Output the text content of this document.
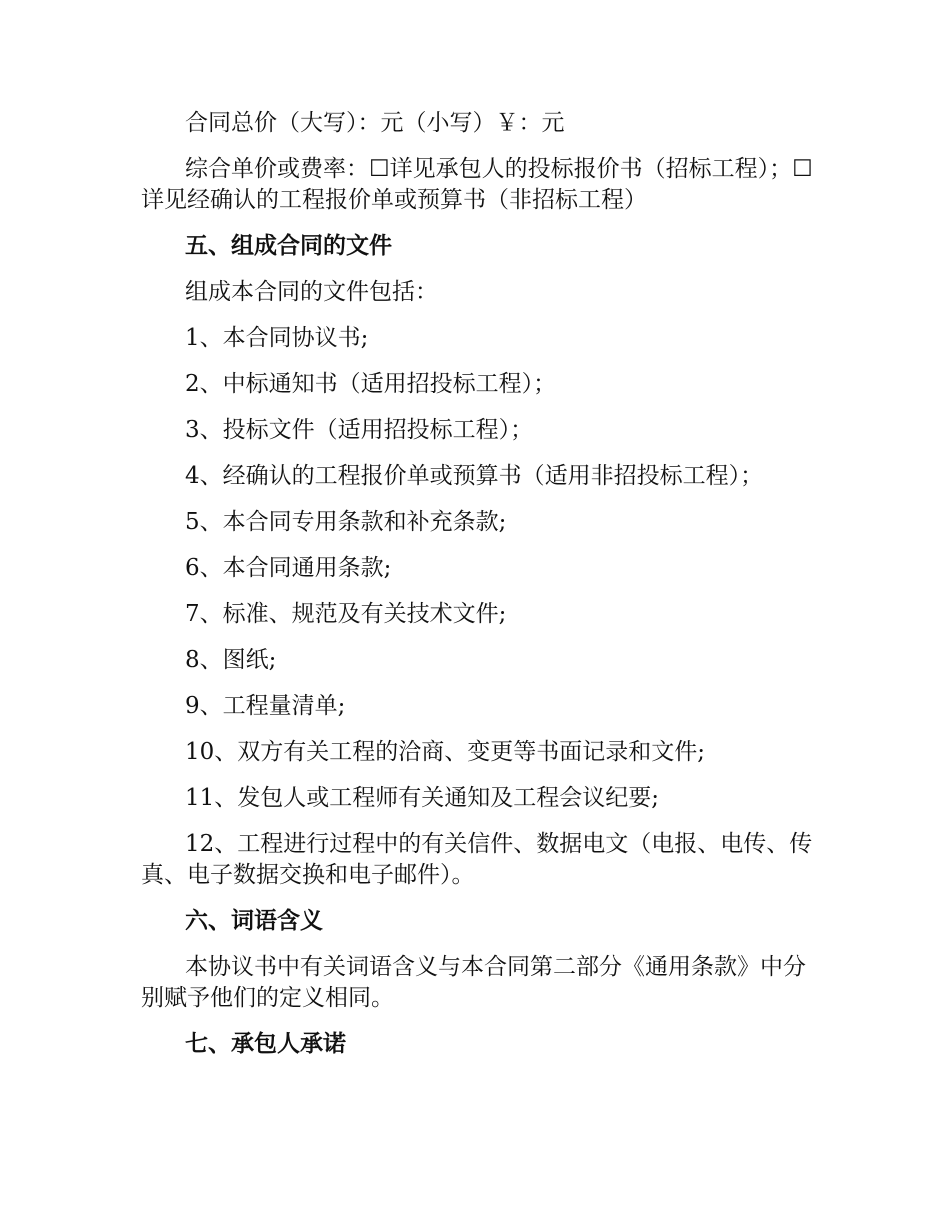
合同总价（大写）：元（小写）￥：元

综合单价或费率：☐详见承包人的投标报价书（招标工程）；☐详见经确认的工程报价单或预算书（非招标工程）

五、组成合同的文件

组成本合同的文件包括：

1、本合同协议书;

2、中标通知书（适用招投标工程）；

3、投标文件（适用招投标工程）；

4、经确认的工程报价单或预算书（适用非招投标工程）；

5、本合同专用条款和补充条款;

6、本合同通用条款;

7、标准、规范及有关技术文件;

8、图纸;

9、工程量清单;

10、双方有关工程的洽商、变更等书面记录和文件;

11、发包人或工程师有关通知及工程会议纪要;

12、工程进行过程中的有关信件、数据电文（电报、电传、传真、电子数据交换和电子邮件）。

六、词语含义

本协议书中有关词语含义与本合同第二部分《通用条款》中分别赋予他们的定义相同。

七、承包人承诺
